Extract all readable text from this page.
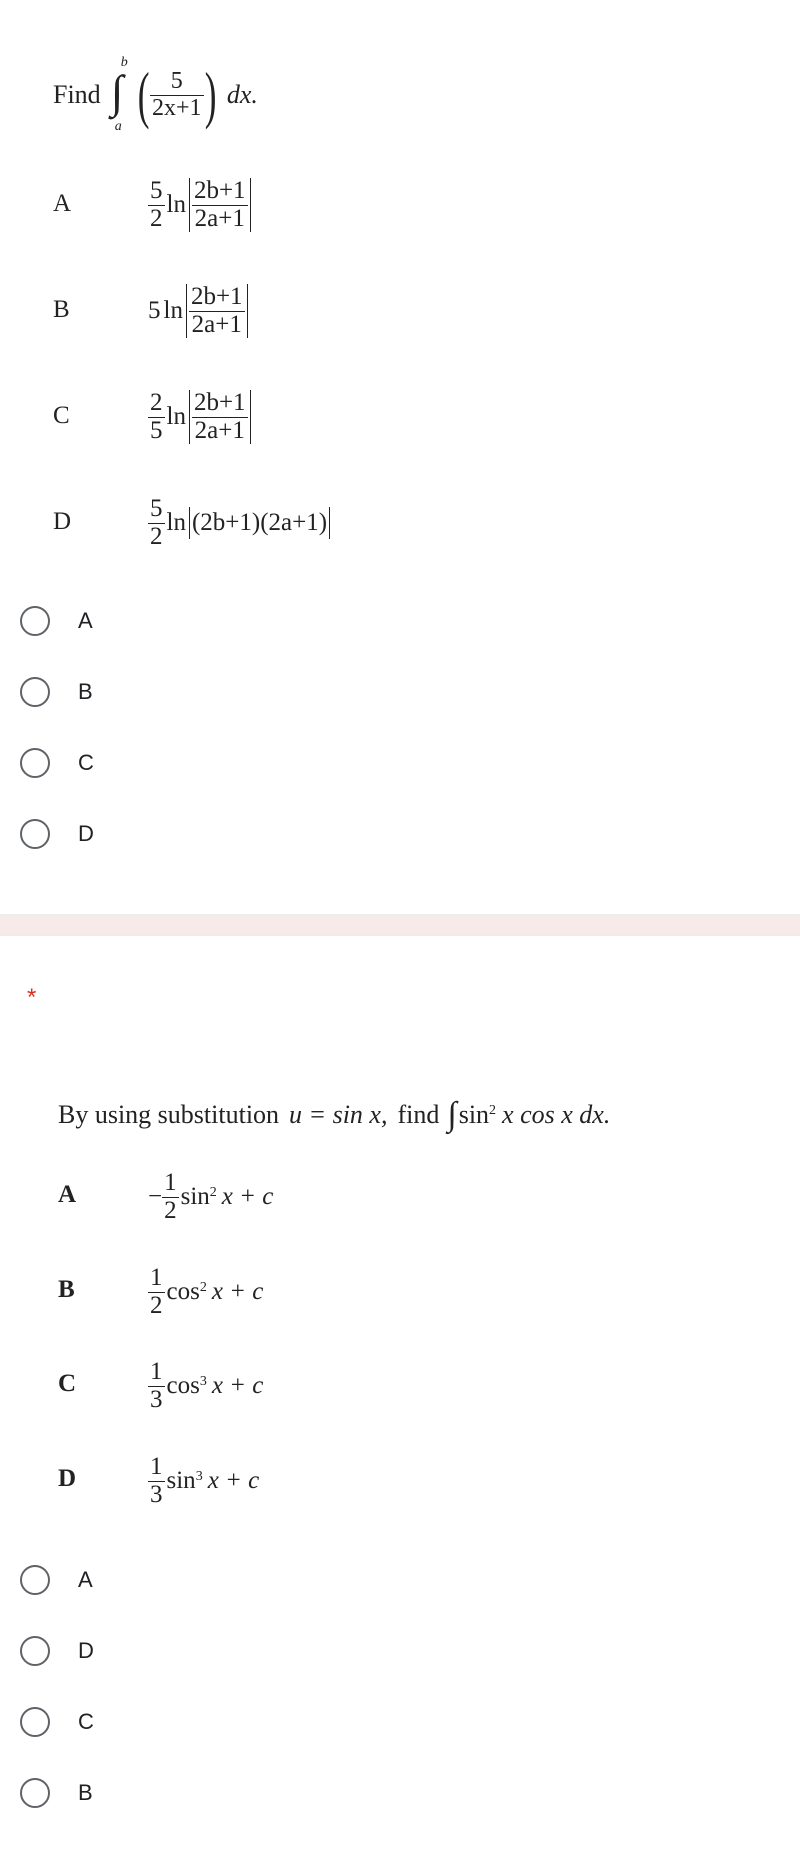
Find
b
∫
a ( $\frac{5}{2x+1}$ ) dx.
A	$\frac{5}{2}$ $\ln \frac{2b+1}{2a+1}$
B	5 $\ln \frac{2b+1}{2a+1}$
C	$\frac{2}{5}$ $\ln \frac{2b+1}{2a+1}$
D	$\frac{5}{2}$ ln (2b+1)(2a+1)
A
B
C
D
*
By using substitution u = sin x, find ∫ $\sin^2 x$ cos x dx.
A	− $\frac{1}{2} \sin^2 x + c$
B	$\frac{1}{2} \cos^2 x + c$
C	$\frac{1}{3} \cos^3 x + c$
D	$\frac{1}{3} \sin^3 x + c$
A
D
C
B
